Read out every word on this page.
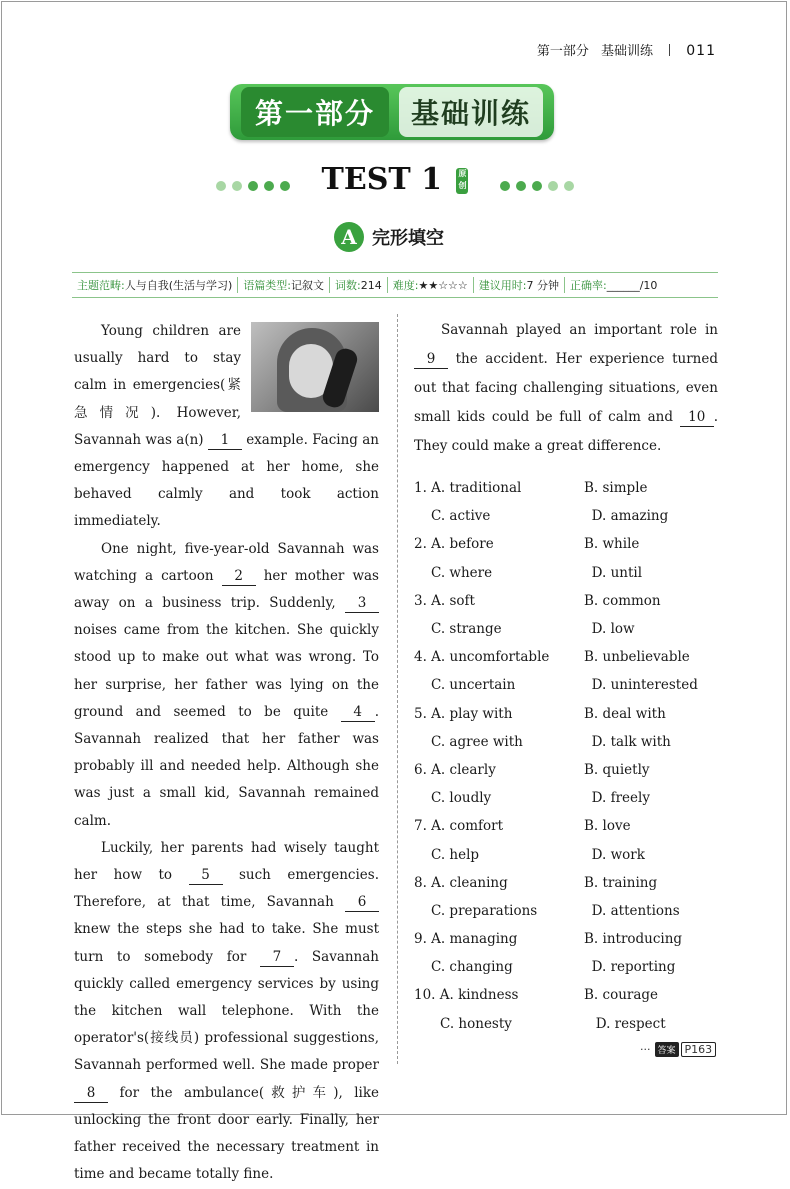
第一部分 基础训练 011
第一部分	基础训练
TEST 1 原创
A 完形填空
主题范畴:人与自我(生活与学习)	语篇类型:记叙文	词数:214	难度:★★☆☆☆	建议用时:7 分钟	正确率:______/10

Young children are usually hard to stay calm in emergencies(紧急情况). However, Savannah was a(n) 1 example. Facing an emergency happened at her home, she behaved calmly and took action immediately.

One night, five-year-old Savannah was watching a cartoon 2 her mother was away on a business trip. Suddenly, 3 noises came from the kitchen. She quickly stood up to make out what was wrong. To her surprise, her father was lying on the ground and seemed to be quite 4 . Savannah realized that her father was probably ill and needed help. Although she was just a small kid, Savannah remained calm.

Luckily, her parents had wisely taught her how to 5 such emergencies. Therefore, at that time, Savannah 6 knew the steps she had to take. She must turn to somebody for 7 . Savannah quickly called emergency services by using the kitchen wall telephone. With the operator's(接线员) professional suggestions, Savannah performed well. She made proper 8 for the ambulance(救护车), like unlocking the front door early. Finally, her father received the necessary treatment in time and became totally fine.

Savannah played an important role in 9 the accident. Her experience turned out that facing challenging situations, even small kids could be full of calm and 10 . They could make a great difference.

1. A. traditional	B. simple
C. active	D. amazing
2. A. before	B. while
C. where	D. until
3. A. soft	B. common
C. strange	D. low
4. A. uncomfortable	B. unbelievable
C. uncertain	D. uninterested
5. A. play with	B. deal with
C. agree with	D. talk with
6. A. clearly	B. quietly
C. loudly	D. freely
7. A. comfort	B. love
C. help	D. work
8. A. cleaning	B. training
C. preparations	D. attentions
9. A. managing	B. introducing
C. changing	D. reporting
10. A. kindness	B. courage
C. honesty	D. respect
··· 答案 P163
